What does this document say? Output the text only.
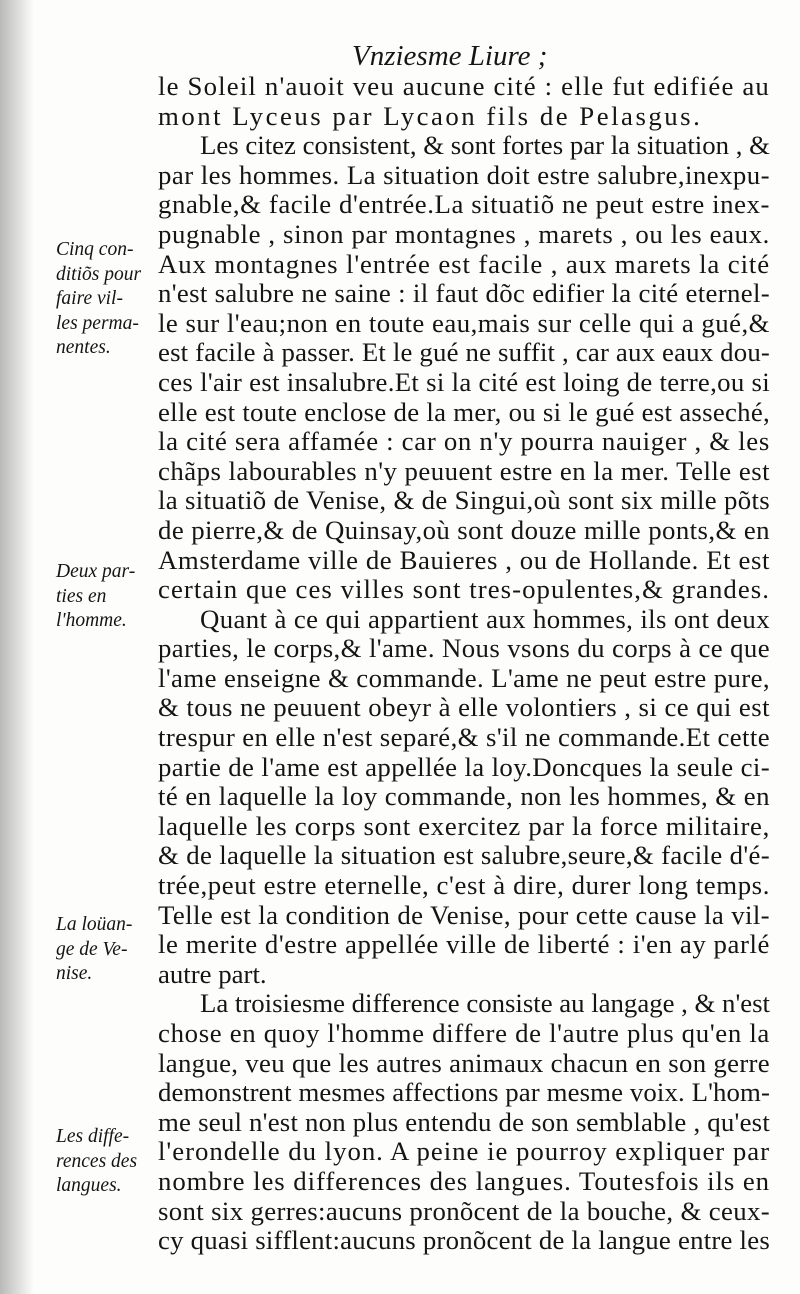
Vnziesme Liure ;
le Soleil n'auoit veu aucune cité : elle fut edifiée au
mont Lyceus par Lycaon fils de Pelasgus.
Les citez consistent, & sont fortes par la situation , &
par les hommes. La situation doit estre salubre,inexpu-
gnable,& facile d'entrée.La situatiõ ne peut estre inex-
pugnable , sinon par montagnes , marets , ou les eaux.
Aux montagnes l'entrée est facile , aux marets la cité
n'est salubre ne saine : il faut dõc edifier la cité eternel-
le sur l'eau;non en toute eau,mais sur celle qui a gué,&
est facile à passer. Et le gué ne suffit , car aux eaux dou-
ces l'air est insalubre.Et si la cité est loing de terre,ou si
elle est toute enclose de la mer, ou si le gué est asseché,
la cité sera affamée : car on n'y pourra nauiger , & les
chãps labourables n'y peuuent estre en la mer. Telle est
la situatiõ de Venise, & de Singui,où sont six mille põts
de pierre,& de Quinsay,où sont douze mille ponts,& en
Amsterdame ville de Bauieres , ou de Hollande. Et est
certain que ces villes sont tres-opulentes,& grandes.
Quant à ce qui appartient aux hommes, ils ont deux
parties, le corps,& l'ame. Nous vsons du corps à ce que
l'ame enseigne & commande. L'ame ne peut estre pure,
& tous ne peuuent obeyr à elle volontiers , si ce qui est
trespur en elle n'est separé,& s'il ne commande.Et cette
partie de l'ame est appellée la loy.Doncques la seule ci-
té en laquelle la loy commande, non les hommes, & en
laquelle les corps sont exercitez par la force militaire,
& de laquelle la situation est salubre,seure,& facile d'é-
trée,peut estre eternelle, c'est à dire, durer long temps.
Telle est la condition de Venise, pour cette cause la vil-
le merite d'estre appellée ville de liberté : i'en ay parlé
autre part.
La troisiesme difference consiste au langage , & n'est
chose en quoy l'homme differe de l'autre plus qu'en la
langue, veu que les autres animaux chacun en son gerre
demonstrent mesmes affections par mesme voix. L'hom-
me seul n'est non plus entendu de son semblable , qu'est
l'erondelle du lyon. A peine ie pourroy expliquer par
nombre les differences des langues. Toutesfois ils en
sont six gerres:aucuns pronõcent de la bouche, & ceux-
cy quasi sifflent:aucuns pronõcent de la langue entre les
Cinq con-
ditiõs pour
faire vil-
les perma-
nentes.
Deux par-
ties en
l'homme.
La loüan-
ge de Ve-
nise.
Les diffe-
rences des
langues.
